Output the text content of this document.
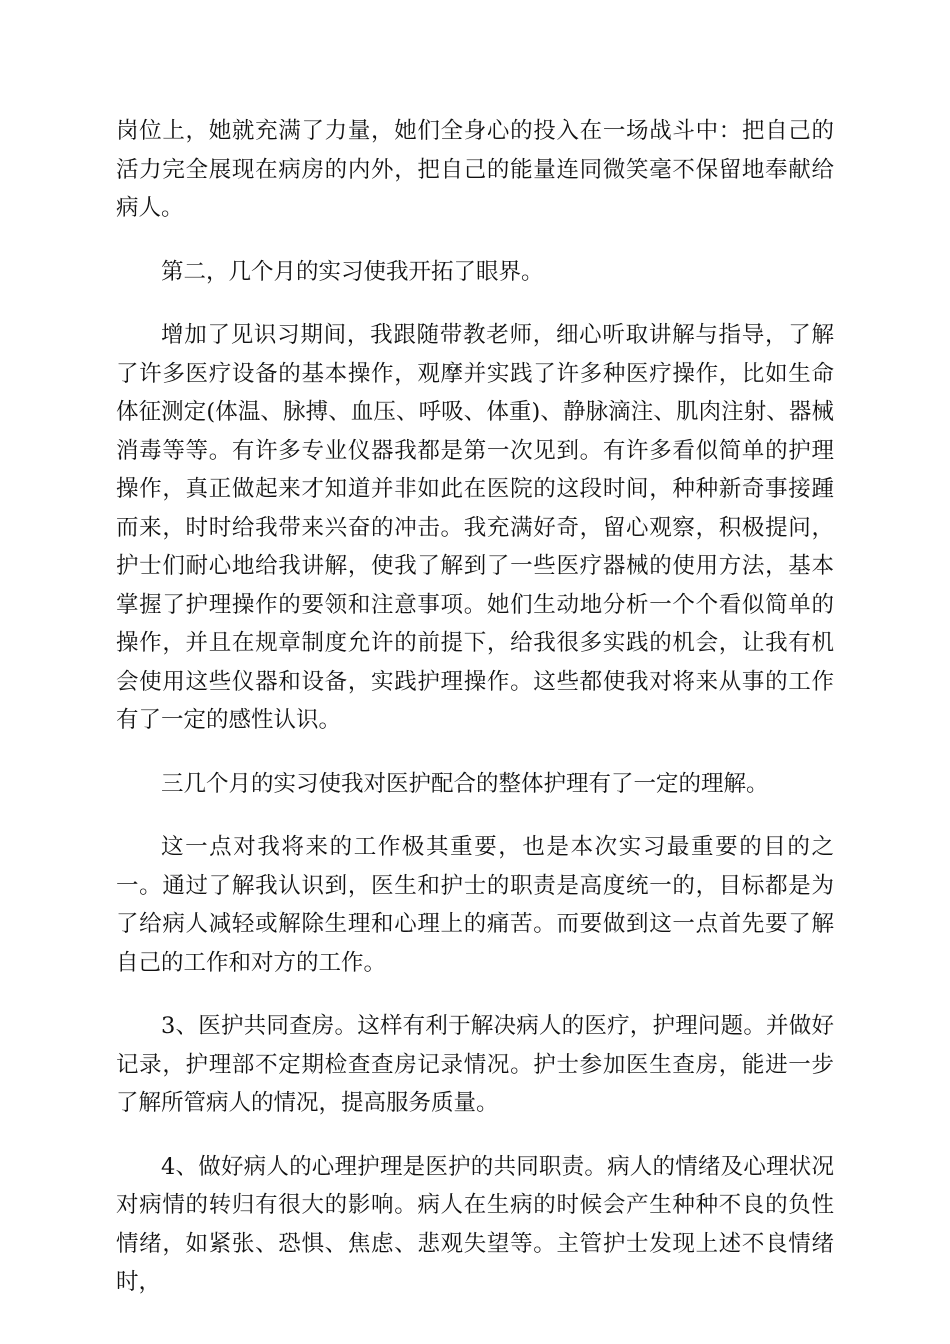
岗位上，她就充满了力量，她们全身心的投入在一场战斗中：把自己的活力完全展现在病房的内外，把自己的能量连同微笑毫不保留地奉献给病人。

第二，几个月的实习使我开拓了眼界。

增加了见识习期间，我跟随带教老师，细心听取讲解与指导，了解了许多医疗设备的基本操作，观摩并实践了许多种医疗操作，比如生命体征测定(体温、脉搏、血压、呼吸、体重)、静脉滴注、肌肉注射、器械消毒等等。有许多专业仪器我都是第一次见到。有许多看似简单的护理操作，真正做起来才知道并非如此在医院的这段时间，种种新奇事接踵而来，时时给我带来兴奋的冲击。我充满好奇，留心观察，积极提问，护士们耐心地给我讲解，使我了解到了一些医疗器械的使用方法，基本掌握了护理操作的要领和注意事项。她们生动地分析一个个看似简单的操作，并且在规章制度允许的前提下，给我很多实践的机会，让我有机会使用这些仪器和设备，实践护理操作。这些都使我对将来从事的工作有了一定的感性认识。

三几个月的实习使我对医护配合的整体护理有了一定的理解。

这一点对我将来的工作极其重要，也是本次实习最重要的目的之一。通过了解我认识到，医生和护士的职责是高度统一的，目标都是为了给病人减轻或解除生理和心理上的痛苦。而要做到这一点首先要了解自己的工作和对方的工作。

3、医护共同查房。这样有利于解决病人的医疗，护理问题。并做好记录，护理部不定期检查查房记录情况。护士参加医生查房，能进一步了解所管病人的情况，提高服务质量。

4、做好病人的心理护理是医护的共同职责。病人的情绪及心理状况对病情的转归有很大的影响。病人在生病的时候会产生种种不良的负性情绪，如紧张、恐惧、焦虑、悲观失望等。主管护士发现上述不良情绪时，
